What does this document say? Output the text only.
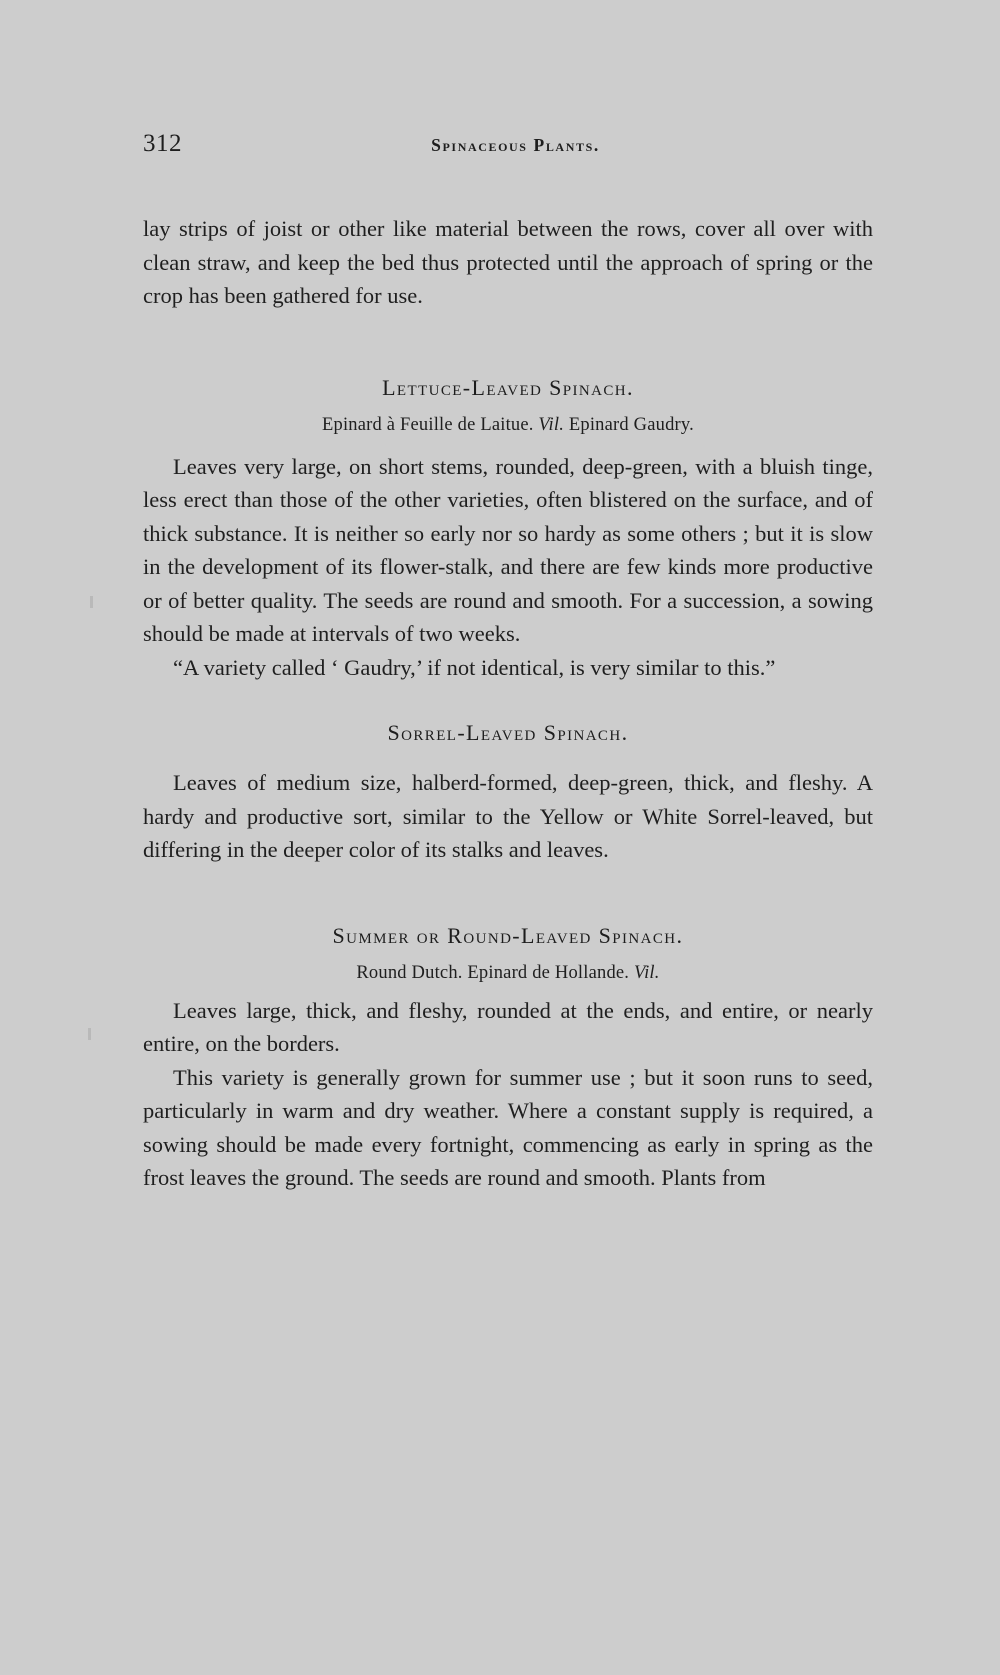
312	Spinaceous Plants.

lay strips of joist or other like material between the rows, cover all over with clean straw, and keep the bed thus protected until the approach of spring or the crop has been gathered for use.

Lettuce-Leaved Spinach.
Epinard à Feuille de Laitue. Vil. Epinard Gaudry.

Leaves very large, on short stems, rounded, deep-green, with a bluish tinge, less erect than those of the other varieties, often blistered on the surface, and of thick substance. It is neither so early nor so hardy as some others ; but it is slow in the development of its flower-stalk, and there are few kinds more productive or of better quality. The seeds are round and smooth. For a succession, a sowing should be made at intervals of two weeks.

“A variety called ‘ Gaudry,’ if not identical, is very similar to this.”

Sorrel-Leaved Spinach.

Leaves of medium size, halberd-formed, deep-green, thick, and fleshy. A hardy and productive sort, similar to the Yellow or White Sorrel-leaved, but differing in the deeper color of its stalks and leaves.

Summer or Round-Leaved Spinach.
Round Dutch. Epinard de Hollande. Vil.

Leaves large, thick, and fleshy, rounded at the ends, and entire, or nearly entire, on the borders.

This variety is generally grown for summer use ; but it soon runs to seed, particularly in warm and dry weather. Where a constant supply is required, a sowing should be made every fortnight, commencing as early in spring as the frost leaves the ground. The seeds are round and smooth. Plants from
